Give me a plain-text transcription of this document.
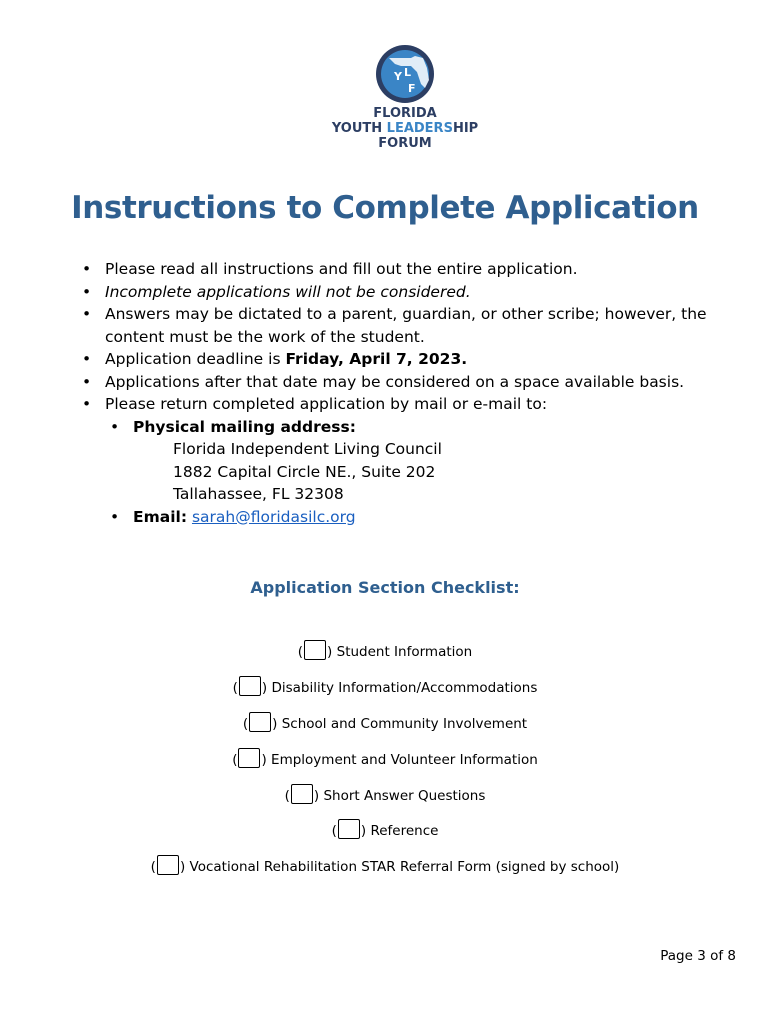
Y L
F
FLORIDA
YOUTH LEADERSHIP
FORUM
Instructions to Complete Application
• Please read all instructions and fill out the entire application.
• Incomplete applications will not be considered.
• Answers may be dictated to a parent, guardian, or other scribe; however, the content must be the work of the student.
• Application deadline is Friday, April 7, 2023.
• Applications after that date may be considered on a space available basis.
• Please return completed application by mail or e-mail to:
• Physical mailing address:
Florida Independent Living Council
1882 Capital Circle NE., Suite 202
Tallahassee, FL 32308
• Email: sarah@floridasilc.org
Application Section Checklist:
( ) Student Information
( ) Disability Information/Accommodations
( ) School and Community Involvement
( ) Employment and Volunteer Information
( ) Short Answer Questions
( ) Reference
( ) Vocational Rehabilitation STAR Referral Form (signed by school)
Page 3 of 8
